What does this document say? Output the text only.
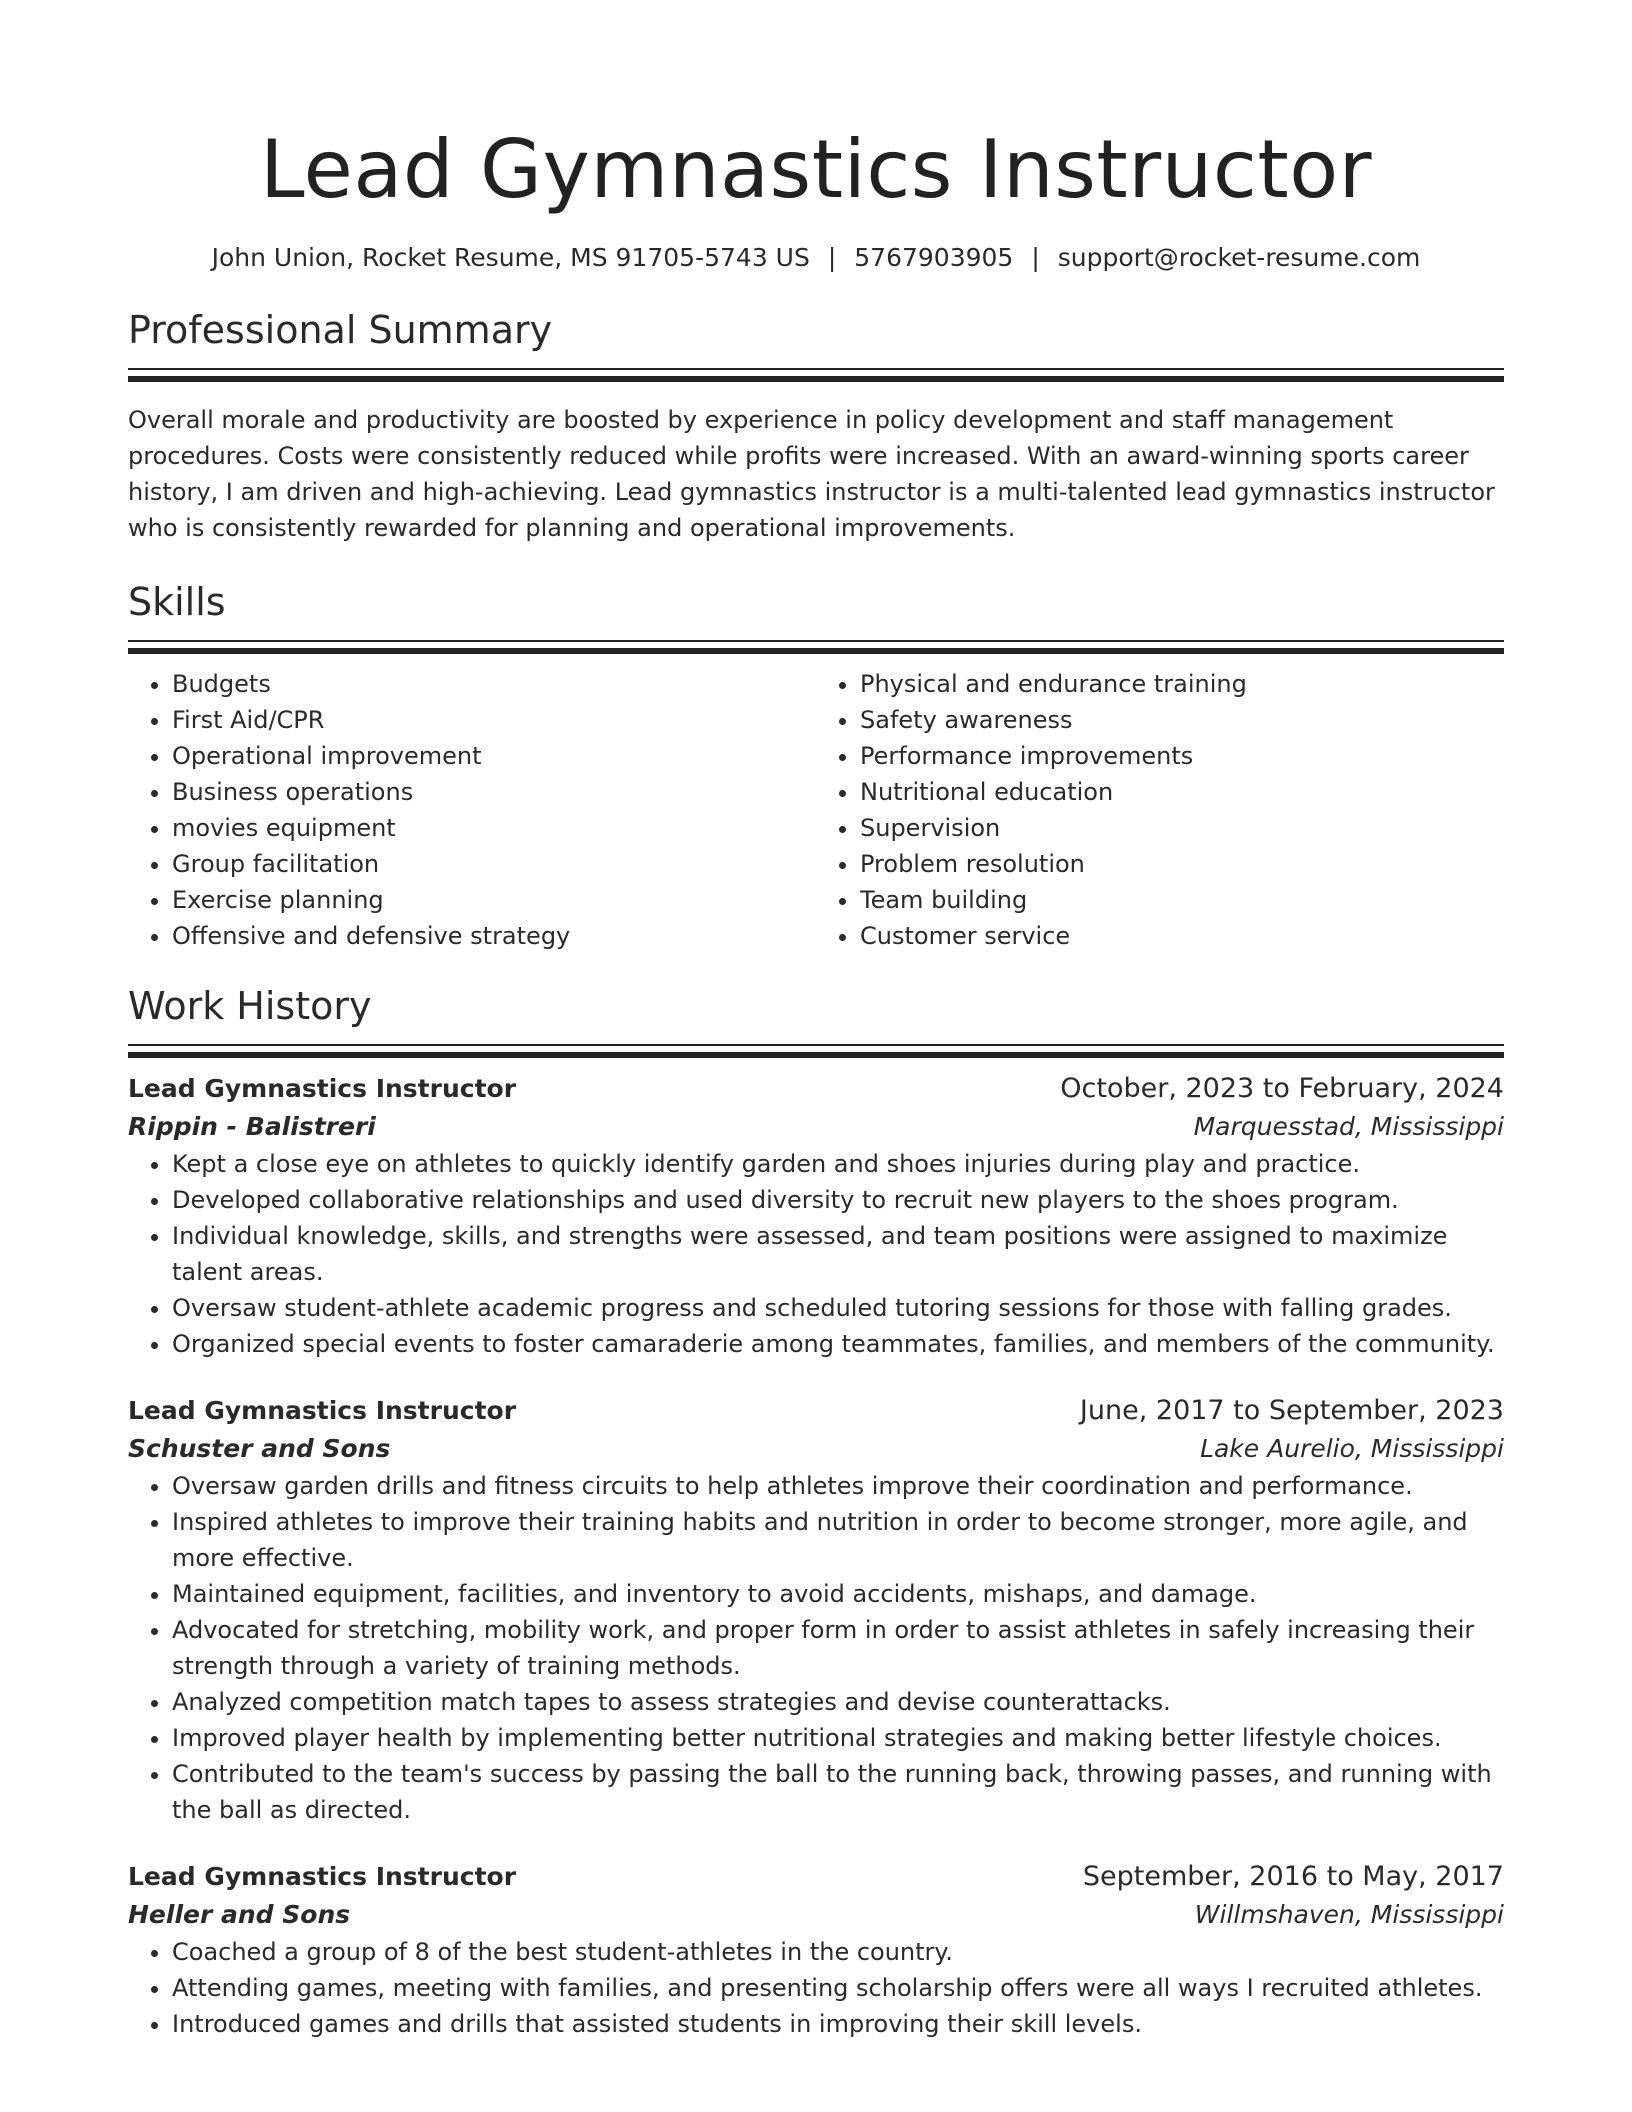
Lead Gymnastics Instructor
John Union, Rocket Resume, MS 91705-5743 US | 5767903905 | support@rocket-resume.com
Professional Summary

Overall morale and productivity are boosted by experience in policy development and staff management procedures. Costs were consistently reduced while profits were increased. With an award-winning sports career history, I am driven and high-achieving. Lead gymnastics instructor is a multi-talented lead gymnastics instructor who is consistently rewarded for planning and operational improvements.

Skills
• Budgets
• First Aid/CPR
• Operational improvement
• Business operations
• movies equipment
• Group facilitation
• Exercise planning
• Offensive and defensive strategy
• Physical and endurance training
• Safety awareness
• Performance improvements
• Nutritional education
• Supervision
• Problem resolution
• Team building
• Customer service
Work History
Lead Gymnastics Instructor	October, 2023 to February, 2024
Rippin - Balistreri	Marquesstad, Mississippi
• Kept a close eye on athletes to quickly identify garden and shoes injuries during play and practice.
• Developed collaborative relationships and used diversity to recruit new players to the shoes program.
• Individual knowledge, skills, and strengths were assessed, and team positions were assigned to maximize talent areas.
• Oversaw student-athlete academic progress and scheduled tutoring sessions for those with falling grades.
• Organized special events to foster camaraderie among teammates, families, and members of the community.
Lead Gymnastics Instructor	June, 2017 to September, 2023
Schuster and Sons	Lake Aurelio, Mississippi
• Oversaw garden drills and fitness circuits to help athletes improve their coordination and performance.
• Inspired athletes to improve their training habits and nutrition in order to become stronger, more agile, and more effective.
• Maintained equipment, facilities, and inventory to avoid accidents, mishaps, and damage.
• Advocated for stretching, mobility work, and proper form in order to assist athletes in safely increasing their strength through a variety of training methods.
• Analyzed competition match tapes to assess strategies and devise counterattacks.
• Improved player health by implementing better nutritional strategies and making better lifestyle choices.
• Contributed to the team's success by passing the ball to the running back, throwing passes, and running with the ball as directed.
Lead Gymnastics Instructor	September, 2016 to May, 2017
Heller and Sons	Willmshaven, Mississippi
• Coached a group of 8 of the best student-athletes in the country.
• Attending games, meeting with families, and presenting scholarship offers were all ways I recruited athletes.
• Introduced games and drills that assisted students in improving their skill levels.
